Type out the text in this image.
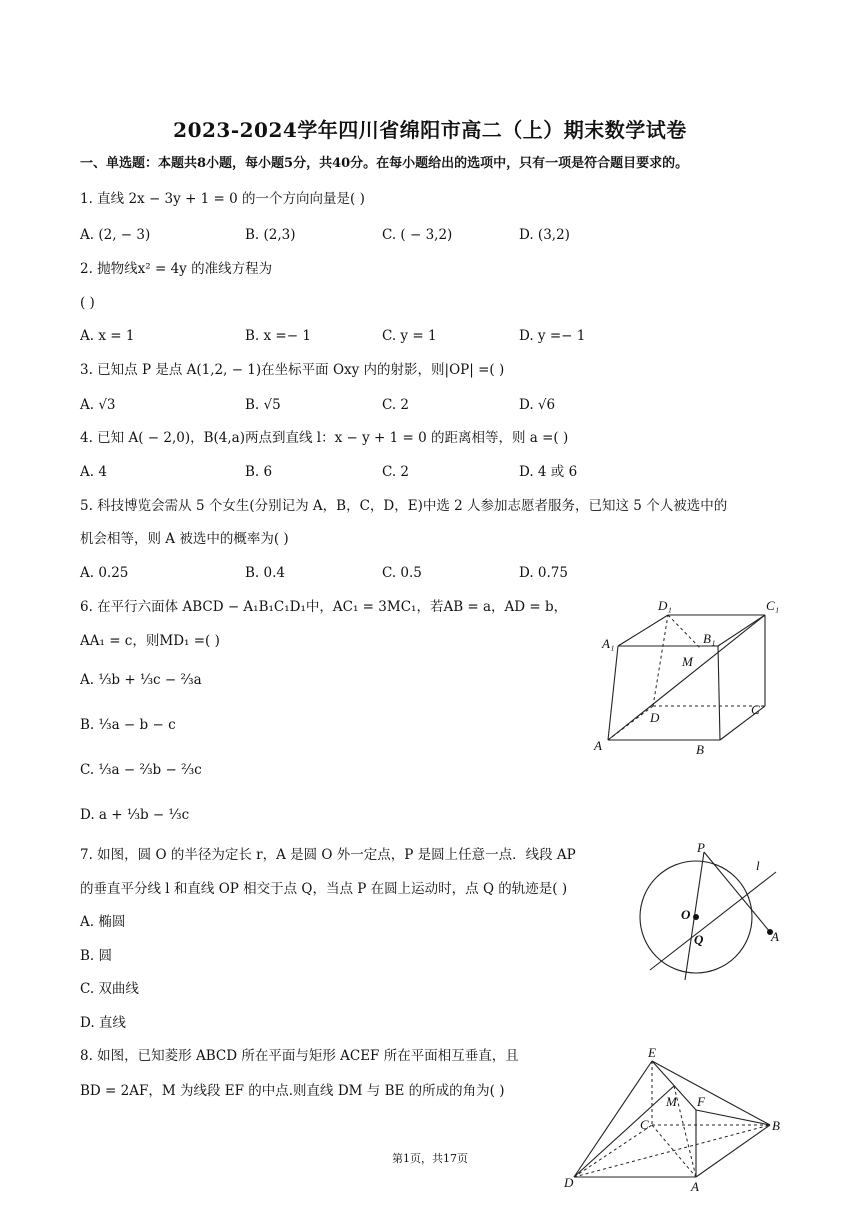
2023-2024学年四川省绵阳市高二（上）期末数学试卷
一、单选题：本题共8小题，每小题5分，共40分。在每小题给出的选项中，只有一项是符合题目要求的。
1. 直线 2x − 3y + 1 = 0 的一个方向向量是( )
A. (2, − 3)	B. (2,3)	C. ( − 3,2)	D. (3,2)
2. 抛物线x² = 4y 的准线方程为
( )
A. x = 1	B. x =− 1	C. y = 1	D. y =− 1
3. 已知点 P 是点 A(1,2, − 1)在坐标平面 Oxy 内的射影，则|OP| =( )
A. √3	B. √5	C. 2	D. √6
4. 已知 A( − 2,0)，B(4,a)两点到直线 l：x − y + 1 = 0 的距离相等，则 a =( )
A. 4	B. 6	C. 2	D. 4 或 6
5. 科技博览会需从 5 个女生(分别记为 A，B，C，D，E)中选 2 人参加志愿者服务，已知这 5 个人被选中的
机会相等，则 A 被选中的概率为( )
A. 0.25	B. 0.4	C. 0.5	D. 0.75
6. 在平行六面体 ABCD − A₁B₁C₁D₁中，AC₁ = 3MC₁，若AB = a，AD = b，
AA₁ = c，则MD₁ =( )
A. ⅓b + ⅓c − ⅔a
B. ⅓a − b − c
C. ⅓a − ⅔b − ⅔c
D. a + ⅓b − ⅓c
D₁	C₁
A₁	B₁
M
D
C
A	B
7. 如图，圆 O 的半径为定长 r，A 是圆 O 外一定点，P 是圆上任意一点．线段 AP
的垂直平分线 l 和直线 OP 相交于点 Q，当点 P 在圆上运动时，点 Q 的轨迹是( )
A. 椭圆
B. 圆
C. 双曲线
D. 直线
P
l
O
Q	A
8. 如图，已知菱形 ABCD 所在平面与矩形 ACEF 所在平面相互垂直，且
BD = 2AF，M 为线段 EF 的中点.则直线 DM 与 BE 的所成的角为( )
E
M F
C	B
D	A
第1页，共17页
